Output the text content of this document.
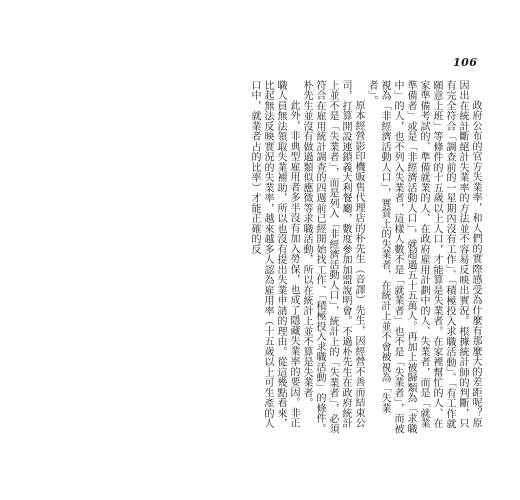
106

政府公布的官方失業率，和人們的實際感受為什麼有那麼大的差距呢？原因出在統計斷絕計失業率的方法並不容易反映出實況。根據統計師的判斷，只有完全符合「調查前的一星期內沒有工作」、「積極投入求職活動」、「有工作就願意上班」等條件的十五歲以上人口，才能算是失業者。在家裡幫忙的人、在家準備考試的、準備就業的人、在政府雇用計劃中的人、失業者，而是「就業準備者」或是「非經濟活動人口」，就超過五十五萬人。再加上被歸類為「求職中」的人，也不列入失業者，這樣人數不是「就業者」也不是「失業者」，而被視為「非經濟活動人口」，實質上的失業者，在統計上並不會被視為「失業者」。

原本經營影印機販售代理店的朴先生（音譯）先生，因經營不善而結束公司，打算開設連鎖義大利餐廳，數度參加加盟說明會。不過朴先生在政府統計上並不是「失業者」，而是列入「非經濟活動人口」，統計上的「失業者」，必須符合在雇用統計調查的四週前已經開始找工作、「積極投入求職活動」的條件。朴先生並沒有做過類似應徵等求職活動，所以在統計上並不算是失業者。

此外，非典型雇用者多半沒有加入勞保，也成了隱藏失業率的要因。非正職人員無法領取失業補助，所以也沒有提出失業申請的理由。從這幾點看來，比起無法反映實況的失業率，越來越多人認為雇用率（十五歲以上可生產的人口中，就業者占的比率）才能正確的反
